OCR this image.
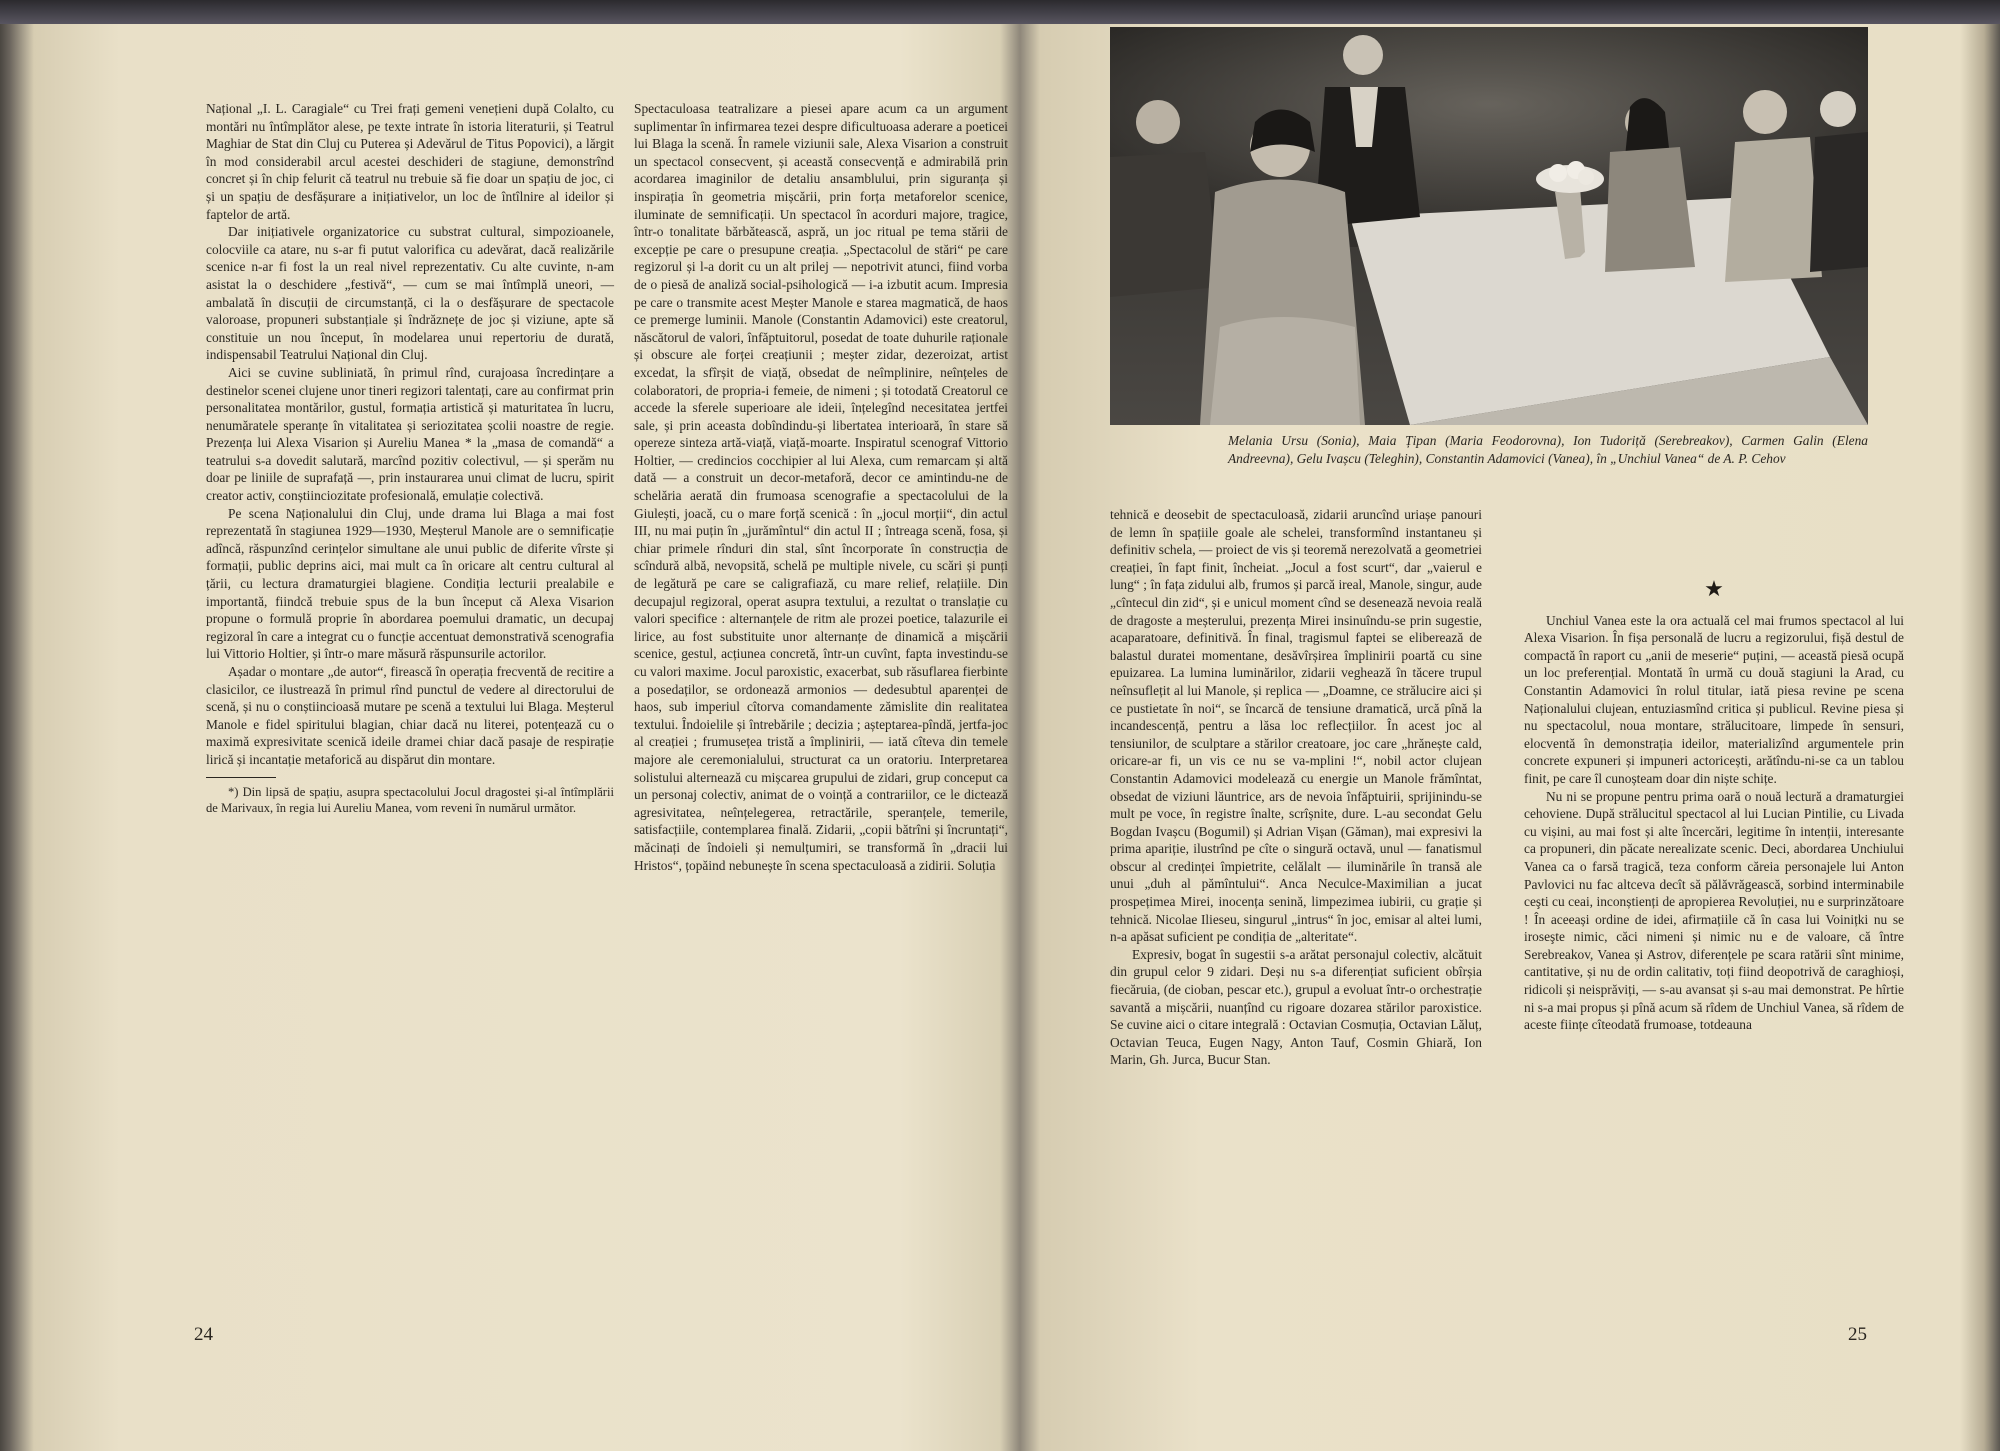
Național „I. L. Caragiale“ cu Trei frați gemeni venețieni după Colalto, cu montări nu întîmplător alese, pe texte intrate în istoria literaturii, și Teatrul Maghiar de Stat din Cluj cu Puterea și Adevărul de Titus Popovici), a lărgit în mod considerabil arcul acestei deschideri de stagiune, demonstrînd concret și în chip felurit că teatrul nu trebuie să fie doar un spațiu de joc, ci și un spațiu de desfășurare a inițiativelor, un loc de întîlnire al ideilor și faptelor de artă.

Dar inițiativele organizatorice cu substrat cultural, simpozioanele, colocviile ca atare, nu s-ar fi putut valorifica cu adevărat, dacă realizările scenice n-ar fi fost la un real nivel reprezentativ. Cu alte cuvinte, n-am asistat la o deschidere „festivă“, — cum se mai întîmplă uneori, — ambalată în discuții de circumstanță, ci la o desfășurare de spectacole valoroase, propuneri substanțiale și îndrăznețe de joc și viziune, apte să constituie un nou început, în modelarea unui repertoriu de durată, indispensabil Teatrului Național din Cluj.

Aici se cuvine subliniată, în primul rînd, curajoasa încredințare a destinelor scenei clujene unor tineri regizori talentați, care au confirmat prin personalitatea montărilor, gustul, formația artistică și maturitatea în lucru, nenumăratele speranțe în vitalitatea și seriozitatea școlii noastre de regie. Prezența lui Alexa Visarion și Aureliu Manea * la „masa de comandă“ a teatrului s-a dovedit salutară, marcînd pozitiv colectivul, — și sperăm nu doar pe liniile de suprafață —, prin instaurarea unui climat de lucru, spirit creator activ, conștiinciozitate profesională, emulație colectivă.

Pe scena Naționalului din Cluj, unde drama lui Blaga a mai fost reprezentată în stagiunea 1929—1930, Meșterul Manole are o semnificație adîncă, răspunzînd cerințelor simultane ale unui public de diferite vîrste și formații, public deprins aici, mai mult ca în oricare alt centru cultural al țării, cu lectura dramaturgiei blagiene. Condiția lecturii prealabile e importantă, fiindcă trebuie spus de la bun început că Alexa Visarion propune o formulă proprie în abordarea poemului dramatic, un decupaj regizoral în care a integrat cu o funcție accentuat demonstrativă scenografia lui Vittorio Holtier, și într-o mare măsură răspunsurile actorilor.

Așadar o montare „de autor“, firească în operația frecventă de recitire a clasicilor, ce ilustrează în primul rînd punctul de vedere al directorului de scenă, și nu o conștiincioasă mutare pe scenă a textului lui Blaga. Meșterul Manole e fidel spiritului blagian, chiar dacă nu literei, potențează cu o maximă expresivitate scenică ideile dramei chiar dacă pasaje de respirație lirică și incantație metaforică au dispărut din montare.

*) Din lipsă de spațiu, asupra spectacolului Jocul dragostei și-al întîmplării de Marivaux, în regia lui Aureliu Manea, vom reveni în numărul următor.

Spectaculoasa teatralizare a piesei apare acum ca un argument suplimentar în infirmarea tezei despre dificultuoasa aderare a poeticei lui Blaga la scenă. În ramele viziunii sale, Alexa Visarion a construit un spectacol consecvent, și această consecvență e admirabilă prin acordarea imaginilor de detaliu ansamblului, prin siguranța și inspirația în geometria mișcării, prin forța metaforelor scenice, iluminate de semnificații. Un spectacol în acorduri majore, tragice, într-o tonalitate bărbătească, aspră, un joc ritual pe tema stării de excepție pe care o presupune creația. „Spectacolul de stări“ pe care regizorul și l-a dorit cu un alt prilej — nepotrivit atunci, fiind vorba de o piesă de analiză social-psihologică — i-a izbutit acum. Impresia pe care o transmite acest Meșter Manole e starea magmatică, de haos ce premerge luminii. Manole (Constantin Adamovici) este creatorul, născătorul de valori, înfăptuitorul, posedat de toate duhurile raționale și obscure ale forței creațiunii ; meșter zidar, dezeroizat, artist excedat, la sfîrșit de viață, obsedat de neîmplinire, neînțeles de colaboratori, de propria-i femeie, de nimeni ; și totodată Creatorul ce accede la sferele superioare ale ideii, înțelegînd necesitatea jertfei sale, și prin aceasta dobîndindu-și libertatea interioară, în stare să opereze sinteza artă-viață, viață-moarte. Inspiratul scenograf Vittorio Holtier, — credincios cocchipier al lui Alexa, cum remarcam și altă dată — a construit un decor-metaforă, decor ce amintindu-ne de schelăria aerată din frumoasa scenografie a spectacolului de la Giulești, joacă, cu o mare forță scenică : în „jocul morții“, din actul III, nu mai puțin în „jurămîntul“ din actul II ; întreaga scenă, fosa, și chiar primele rînduri din stal, sînt încorporate în construcția de scîndură albă, nevopsită, schelă pe multiple nivele, cu scări și punți de legătură pe care se caligrafiază, cu mare relief, relațiile. Din decupajul regizoral, operat asupra textului, a rezultat o translație cu valori specifice : alternanțele de ritm ale prozei poetice, talazurile ei lirice, au fost substituite unor alternanțe de dinamică a mișcării scenice, gestul, acțiunea concretă, într-un cuvînt, fapta investindu-se cu valori maxime. Jocul paroxistic, exacerbat, sub răsuflarea fierbinte a posedaților, se ordonează armonios — dedesubtul aparenței de haos, sub imperiul cîtorva comandamente zămislite din realitatea textului. Îndoielile și întrebările ; decizia ; așteptarea-pîndă, jertfa-joc al creației ; frumusețea tristă a împlinirii, — iată cîteva din temele majore ale ceremonialului, structurat ca un oratoriu. Interpretarea solistului alternează cu mișcarea grupului de zidari, grup conceput ca un personaj colectiv, animat de o voință a contrariilor, ce le dictează agresivitatea, neînțelegerea, retractările, speranțele, temerile, satisfacțiile, contemplarea finală. Zidarii, „copii bătrîni și încruntați“, măcinați de îndoieli și nemulțumiri, se transformă în „dracii lui Hristos“, țopăind nebunește în scena spectaculoasă a zidirii. Soluția

24
Melania Ursu (Sonia), Maia Țipan (Maria Feodorovna), Ion Tudoriță (Serebreakov), Carmen Galin (Elena Andreevna), Gelu Ivașcu (Teleghin), Constantin Adamovici (Vanea), în „Unchiul Vanea“ de A. P. Cehov

tehnică e deosebit de spectaculoasă, zidarii aruncînd uriașe panouri de lemn în spațiile goale ale schelei, transformînd instantaneu și definitiv schela, — proiect de vis și teoremă nerezolvată a geometriei creației, în fapt finit, încheiat. „Jocul a fost scurt“, dar „vaierul e lung“ ; în fața zidului alb, frumos și parcă ireal, Manole, singur, aude „cîntecul din zid“, și e unicul moment cînd se desenează nevoia reală de dragoste a meșterului, prezența Mirei insinuîndu-se prin sugestie, acaparatoare, definitivă. În final, tragismul faptei se eliberează de balastul duratei momentane, desăvîrșirea împlinirii poartă cu sine epuizarea. La lumina luminărilor, zidarii veghează în tăcere trupul neînsuflețit al lui Manole, și replica — „Doamne, ce strălucire aici și ce pustietate în noi“, se încarcă de tensiune dramatică, urcă pînă la incandescență, pentru a lăsa loc reflecțiilor. În acest joc al tensiunilor, de sculptare a stărilor creatoare, joc care „hrănește cald, oricare-ar fi, un vis ce nu se va-mplini !“, nobil actor clujean Constantin Adamovici modelează cu energie un Manole frămîntat, obsedat de viziuni lăuntrice, ars de nevoia înfăptuirii, sprijinindu-se mult pe voce, în registre înalte, scrîșnite, dure. L-au secondat Gelu Bogdan Ivașcu (Bogumil) și Adrian Vișan (Găman), mai expresivi la prima apariție, ilustrînd pe cîte o singură octavă, unul — fanatismul obscur al credinței împietrite, celălalt — iluminările în transă ale unui „duh al pămîntului“. Anca Neculce-Maximilian a jucat prospețimea Mirei, inocența senină, limpezimea iubirii, cu grație și tehnică. Nicolae Ilieseu, singurul „intrus“ în joc, emisar al altei lumi, n-a apăsat suficient pe condiția de „alteritate“.

Expresiv, bogat în sugestii s-a arătat personajul colectiv, alcătuit din grupul celor 9 zidari. Deși nu s-a diferențiat suficient obîrșia fiecăruia, (de cioban, pescar etc.), grupul a evoluat într-o orchestrație savantă a mișcării, nuanțînd cu rigoare dozarea stărilor paroxistice. Se cuvine aici o citare integrală : Octavian Cosmuția, Octavian Lăluț, Octavian Teuca, Eugen Nagy, Anton Tauf, Cosmin Ghiară, Ion Marin, Gh. Jurca, Bucur Stan.

★

Unchiul Vanea este la ora actuală cel mai frumos spectacol al lui Alexa Visarion. În fișa personală de lucru a regizorului, fișă destul de compactă în raport cu „anii de meserie“ puțini, — această piesă ocupă un loc preferențial. Montată în urmă cu două stagiuni la Arad, cu Constantin Adamovici în rolul titular, iată piesa revine pe scena Naționalului clujean, entuziasmînd critica și publicul. Revine piesa și nu spectacolul, noua montare, strălucitoare, limpede în sensuri, elocventă în demonstrația ideilor, materializînd argumentele prin concrete expuneri și impuneri actoricești, arătîndu-ni-se ca un tablou finit, pe care îl cunoșteam doar din niște schițe.

Nu ni se propune pentru prima oară o nouă lectură a dramaturgiei cehoviene. După strălucitul spectacol al lui Lucian Pintilie, cu Livada cu vișini, au mai fost și alte încercări, legitime în intenții, interesante ca propuneri, din păcate nerealizate scenic. Deci, abordarea Unchiului Vanea ca o farsă tragică, teza conform căreia personajele lui Anton Pavlovici nu fac altceva decît să pălăvrăgească, sorbind interminabile ceşti cu ceai, inconștienți de apropierea Revoluției, nu e surprinzătoare ! În aceeași ordine de idei, afirmațiile că în casa lui Voinițki nu se iroseşte nimic, căci nimeni și nimic nu e de valoare, că între Serebreakov, Vanea și Astrov, diferențele pe scara ratării sînt minime, cantitative, și nu de ordin calitativ, toți fiind deopotrivă de caraghioși, ridicoli și neisprăviți, — s-au avansat și s-au mai demonstrat. Pe hîrtie ni s-a mai propus și pînă acum să rîdem de Unchiul Vanea, să rîdem de aceste ființe cîteodată frumoase, totdeauna

25
